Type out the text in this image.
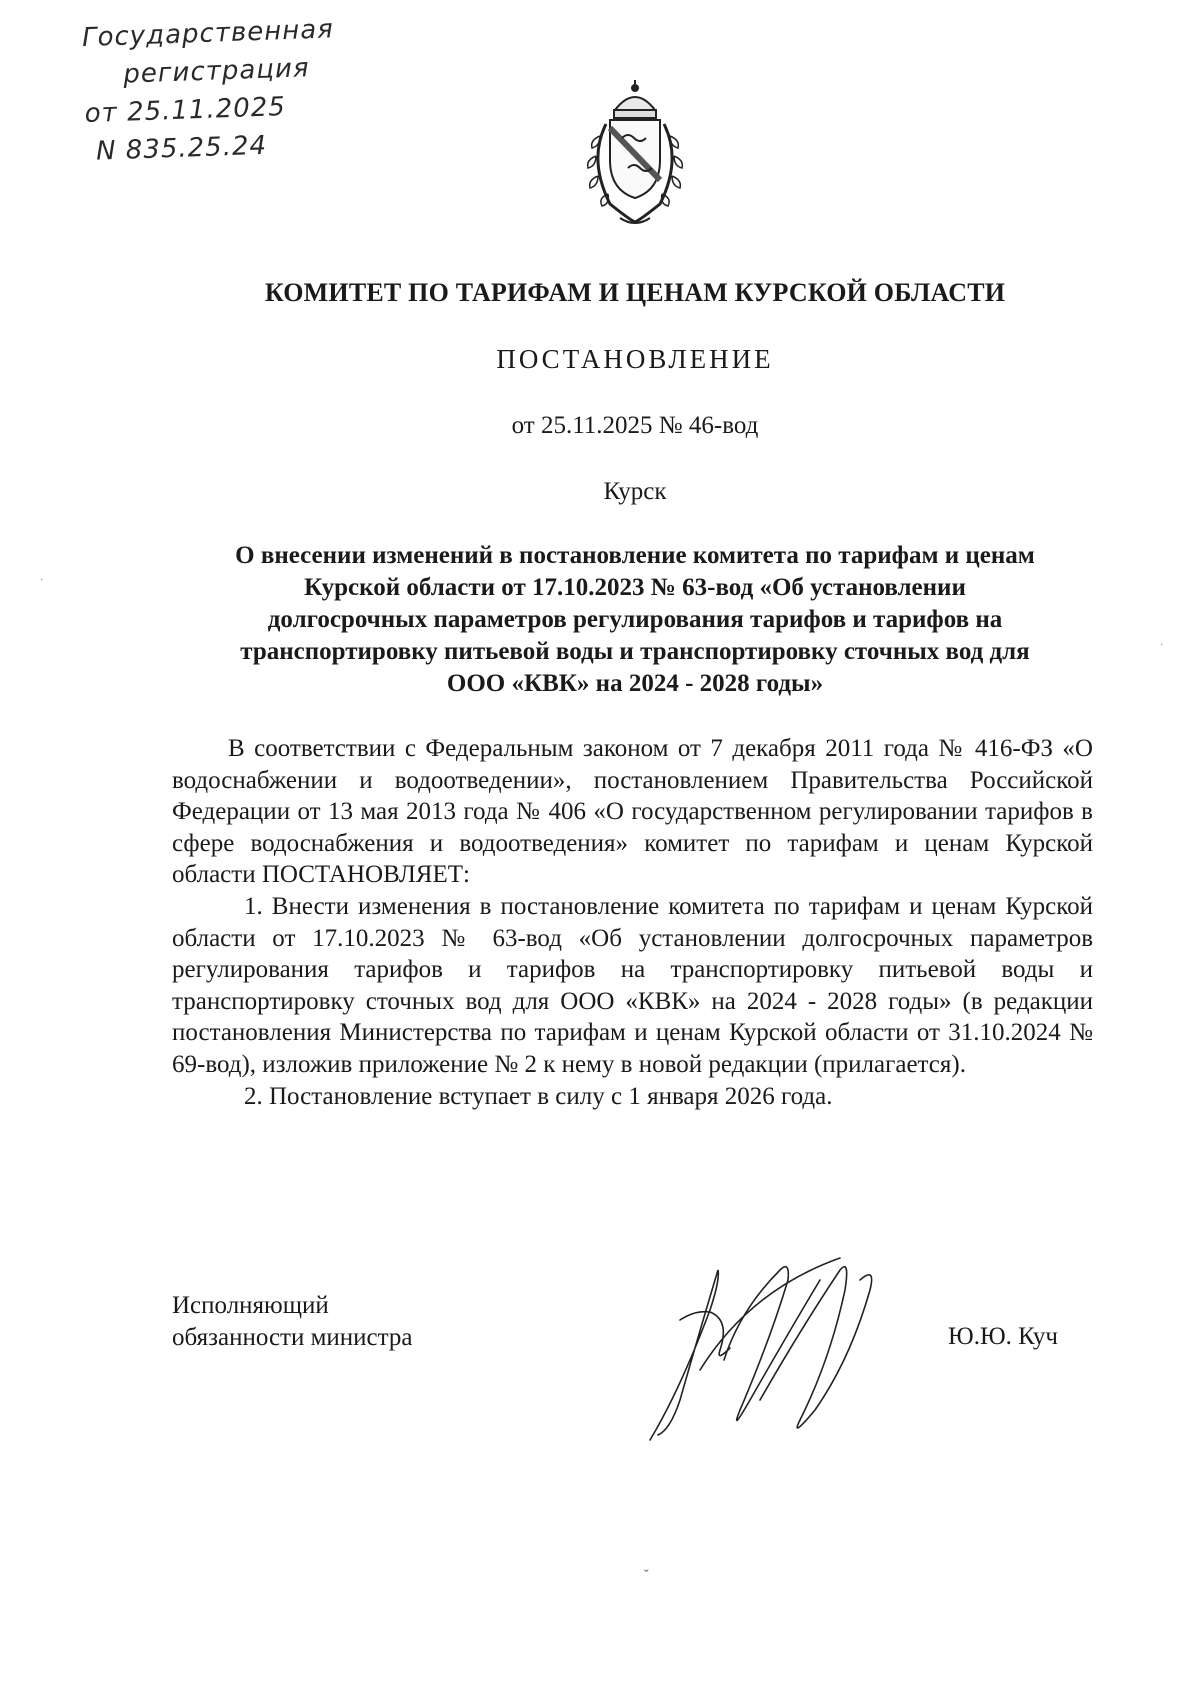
Государственная
регистрация
от 25.11.2025
N 835.25.24
КОМИТЕТ ПО ТАРИФАМ И ЦЕНАМ КУРСКОЙ ОБЛАСТИ
ПОСТАНОВЛЕНИЕ
от 25.11.2025 № 46-вод
Курск
О внесении изменений в постановление комитета по тарифам и ценам
Курской области от 17.10.2023 № 63-вод «Об установлении
долгосрочных параметров регулирования тарифов и тарифов на
транспортировку питьевой воды и транспортировку сточных вод для
ООО «КВК» на 2024 - 2028 годы»

В соответствии с Федеральным законом от 7 декабря 2011 года № 416-ФЗ «О водоснабжении и водоотведении», постановлением Правительства Российской Федерации от 13 мая 2013 года № 406 «О государственном регулировании тарифов в сфере водоснабжения и водоотведения» комитет по тарифам и ценам Курской области ПОСТАНОВЛЯЕТ:

1. Внести изменения в постановление комитета по тарифам и ценам Курской области от 17.10.2023 № 63-вод «Об установлении долгосрочных параметров регулирования тарифов и тарифов на транспортировку питьевой воды и транспортировку сточных вод для ООО «КВК» на 2024 - 2028 годы» (в редакции постановления Министерства по тарифам и ценам Курской области от 31.10.2024 № 69-вод), изложив приложение № 2 к нему в новой редакции (прилагается).

2. Постановление вступает в силу с 1 января 2026 года.

Исполняющий
обязанности министра	Ю.Ю. Куч
ˇ
·
·
